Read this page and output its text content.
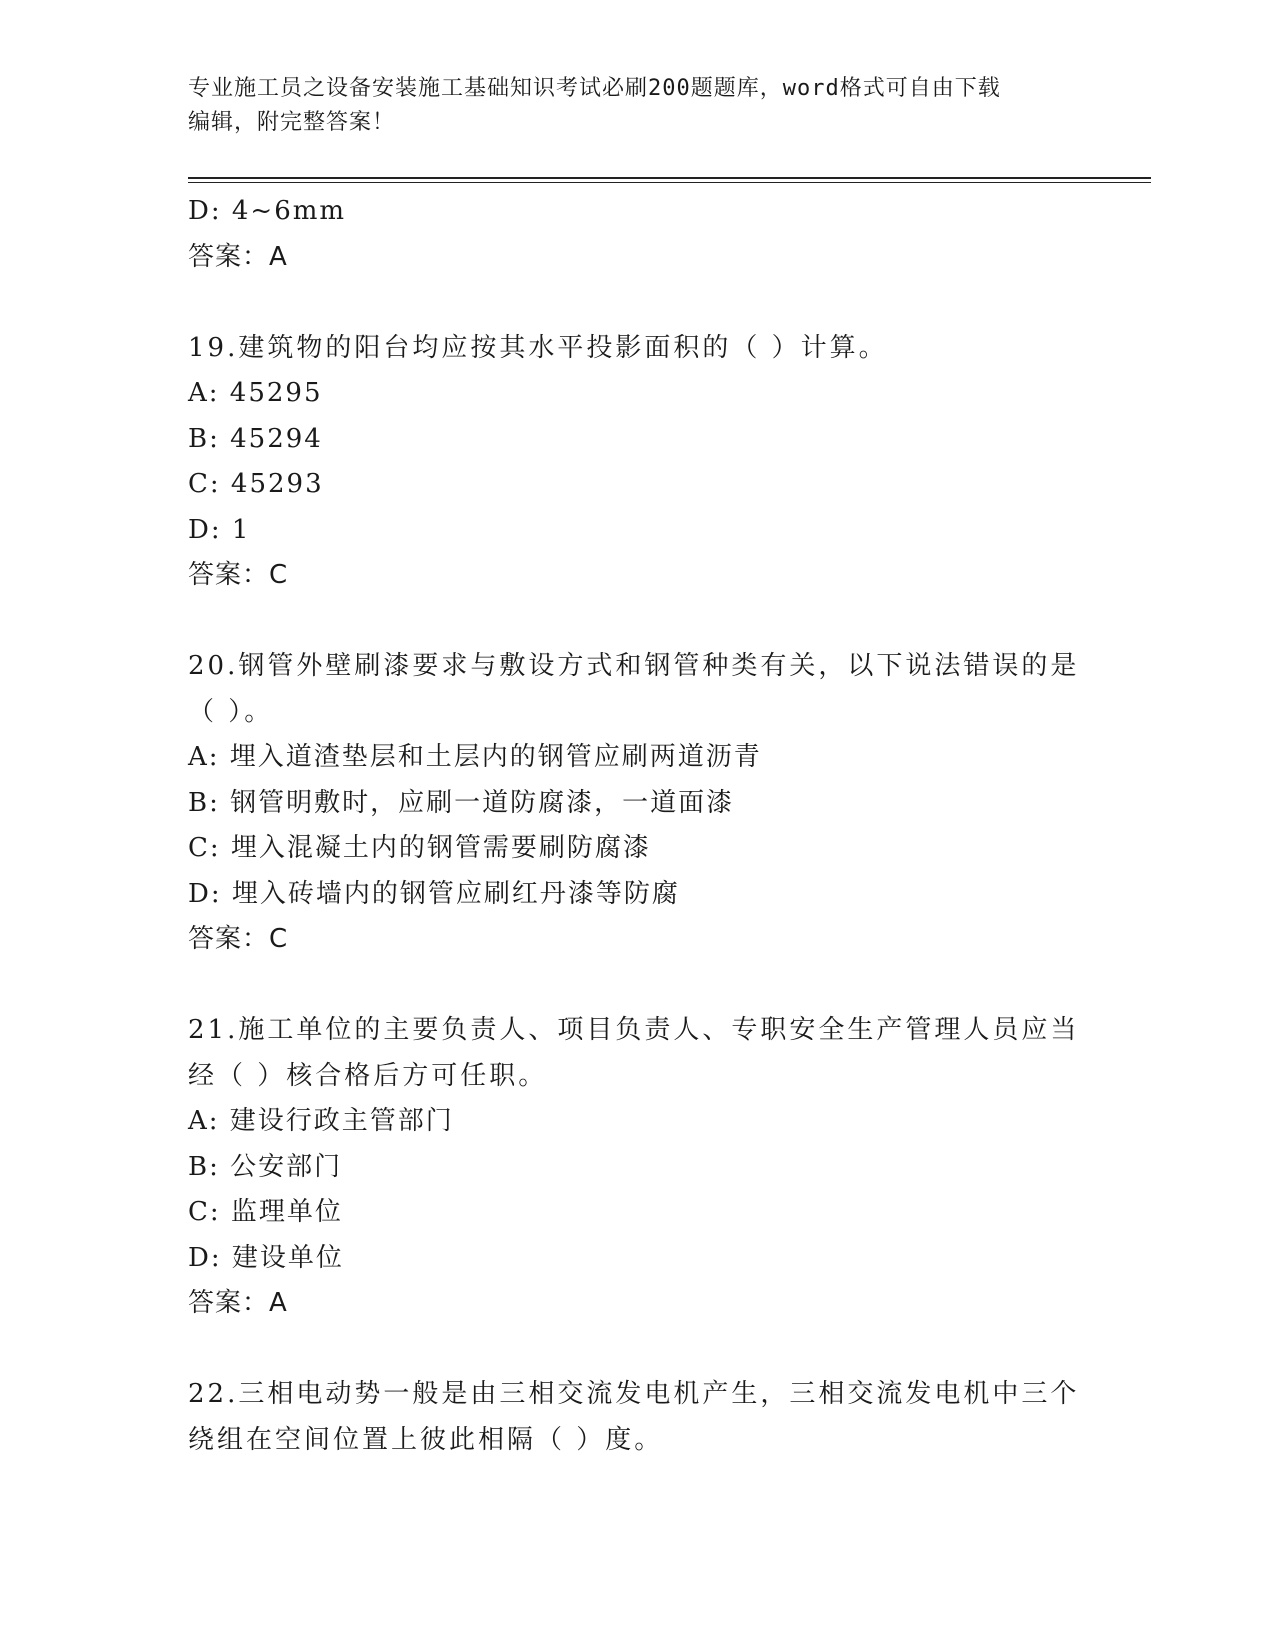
专业施工员之设备安装施工基础知识考试必刷200题题库，word格式可自由下载
编辑，附完整答案！
D: 4~6mm
答案：A
19.建筑物的阳台均应按其水平投影面积的（ ）计算。
A: 45295
B: 45294
C: 45293
D: 1
答案：C
20.钢管外壁刷漆要求与敷设方式和钢管种类有关，以下说法错误的是
（ ）。
A: 埋入道渣垫层和土层内的钢管应刷两道沥青
B: 钢管明敷时，应刷一道防腐漆，一道面漆
C: 埋入混凝土内的钢管需要刷防腐漆
D: 埋入砖墙内的钢管应刷红丹漆等防腐
答案：C
21.施工单位的主要负责人、项目负责人、专职安全生产管理人员应当
经（ ）核合格后方可任职。
A: 建设行政主管部门
B: 公安部门
C: 监理单位
D: 建设单位
答案：A
22.三相电动势一般是由三相交流发电机产生，三相交流发电机中三个
绕组在空间位置上彼此相隔（ ）度。
